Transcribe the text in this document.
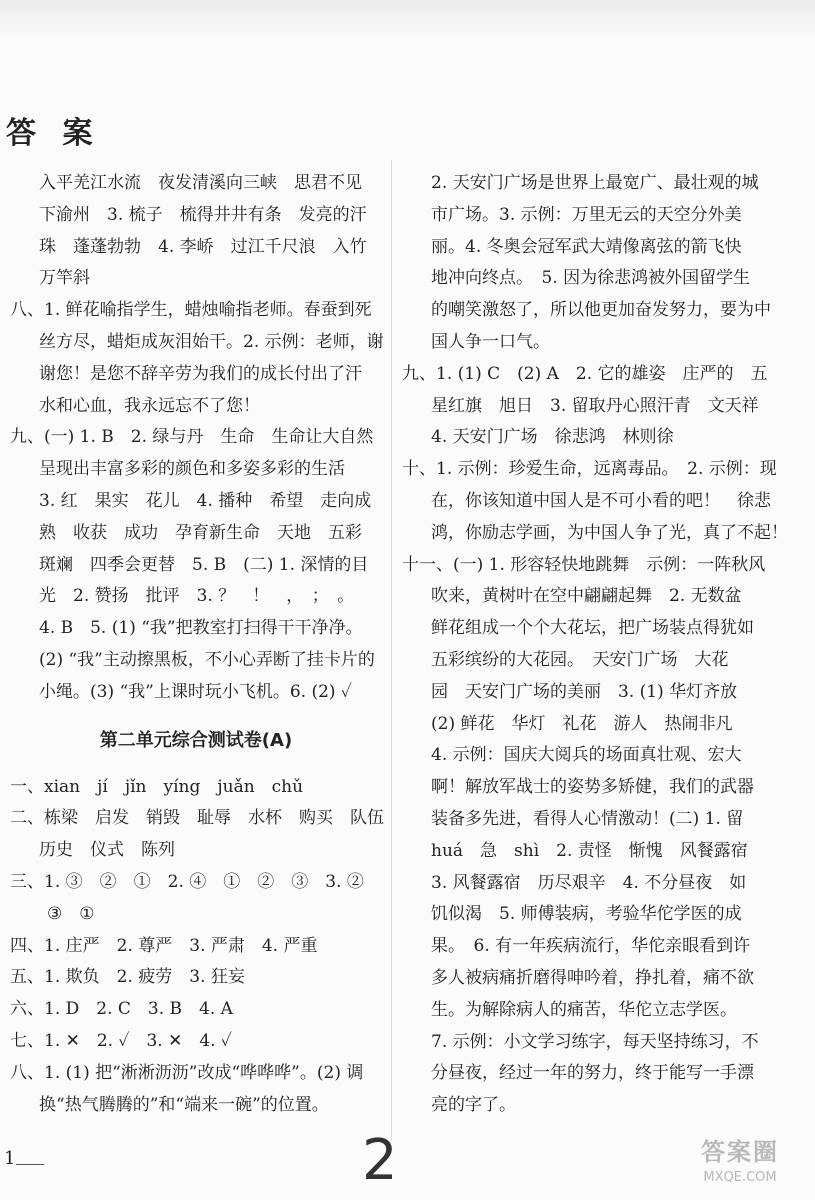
答 案
入平羌江水流　夜发清溪向三峡　思君不见
下渝州　3. 梳子　梳得井井有条　发亮的汗
珠　蓬蓬勃勃　4. 李峤　过江千尺浪　入竹
万竿斜
八、1. 鲜花喻指学生，蜡烛喻指老师。春蚕到死
丝方尽，蜡炬成灰泪始干。2. 示例：老师，谢
谢您！是您不辞辛劳为我们的成长付出了汗
水和心血，我永远忘不了您！
九、(一) 1. B　2. 绿与丹　生命　生命让大自然
呈现出丰富多彩的颜色和多姿多彩的生活
3. 红　果实　花儿　4. 播种　希望　走向成
熟　收获　成功　孕育新生命　天地　五彩
斑斓　四季会更替　5. B　(二) 1. 深情的目
光　2. 赞扬　批评　3. ？　！　，　；　。
4. B　5. (1) “我”把教室打扫得干干净净。
(2) “我”主动擦黑板，不小心弄断了挂卡片的
小绳。(3) “我”上课时玩小飞机。6. (2) ✓
第二单元综合测试卷(A)
一、xian　jí　jǐn　yíng　juǎn　chǔ
二、栋梁　启发　销毁　耻辱　水杯　购买　队伍
历史　仪式　陈列
三、1. ③　②　①　2. ④　①　②　③　3. ②
③　①
四、1. 庄严　2. 尊严　3. 严肃　4. 严重
五、1. 欺负　2. 疲劳　3. 狂妄
六、1. D　2. C　3. B　4. A
七、1. ✕　2. ✓　3. ✕　4. ✓
八、1. (1) 把“淅淅沥沥”改成“哗哗哗”。(2) 调
换“热气腾腾的”和“端来一碗”的位置。
2. 天安门广场是世界上最宽广、最壮观的城
市广场。3. 示例：万里无云的天空分外美
丽。4. 冬奥会冠军武大靖像离弦的箭飞快
地冲向终点。　5. 因为徐悲鸿被外国留学生
的嘲笑激怒了，所以他更加奋发努力，要为中
国人争一口气。
九、1. (1) C　(2) A　2. 它的雄姿　庄严的　五
星红旗　旭日　3. 留取丹心照汗青　文天祥
4. 天安门广场　徐悲鸿　林则徐
十、1. 示例：珍爱生命，远离毒品。　2. 示例：现
在，你该知道中国人是不可小看的吧！　徐悲
鸿，你励志学画，为中国人争了光，真了不起！
十一、(一) 1. 形容轻快地跳舞　示例：一阵秋风
吹来，黄树叶在空中翩翩起舞　2. 无数盆
鲜花组成一个个大花坛，把广场装点得犹如
五彩缤纷的大花园。　天安门广场　大花
园　天安门广场的美丽　3. (1) 华灯齐放
(2) 鲜花　华灯　礼花　游人　热闹非凡
4. 示例：国庆大阅兵的场面真壮观、宏大
啊！解放军战士的姿势多矫健，我们的武器
装备多先进，看得人心情激动！(二) 1. 留
huá　急　shì　2. 责怪　惭愧　风餐露宿
3. 风餐露宿　历尽艰辛　4. 不分昼夜　如
饥似渴　5. 师傅装病，考验华佗学医的成
果。　6. 有一年疾病流行，华佗亲眼看到许
多人被病痛折磨得呻吟着，挣扎着，痛不欲
生。为解除病人的痛苦，华佗立志学医。
7. 示例：小文学习练字，每天坚持练习，不
分昼夜，经过一年的努力，终于能写一手漂
亮的字了。
1	2	答案圈
MXQE.COM
